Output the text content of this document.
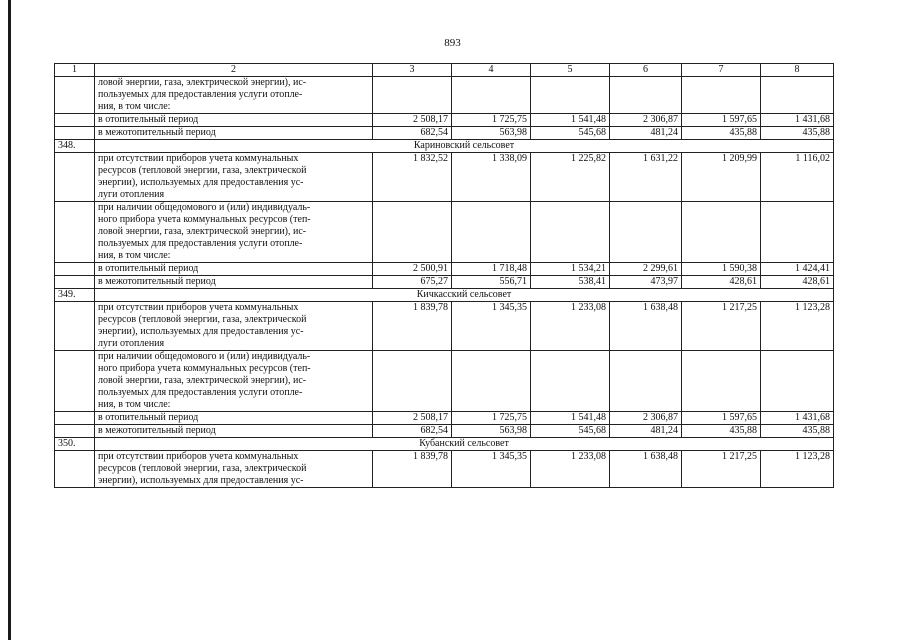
893
1	2	3	4	5	6	7	8

	ловой энергии, газа, электрической энергии), ис-
пользуемых для предоставления услуги отопле-
ния, в том числе:						

	в отопительный период	2 508,17	1 725,75	1 541,48	2 306,87	1 597,65	1 431,68

	в межотопительный период	682,54	563,98	545,68	481,24	435,88	435,88
348.	Кариновский сельсовет						

	при отсутствии приборов учета коммунальных
ресурсов (тепловой энергии, газа, электрической
энергии), используемых для предоставления ус-
луги отопления	1 832,52	1 338,09	1 225,82	1 631,22	1 209,99	1 116,02

	при наличии общедомового и (или) индивидуаль-
ного прибора учета коммунальных ресурсов (теп-
ловой энергии, газа, электрической энергии), ис-
пользуемых для предоставления услуги отопле-
ния, в том числе:						

	в отопительный период	2 500,91	1 718,48	1 534,21	2 299,61	1 590,38	1 424,41

	в межотопительный период	675,27	556,71	538,41	473,97	428,61	428,61
349.	Кичкасский сельсовет						

	при отсутствии приборов учета коммунальных
ресурсов (тепловой энергии, газа, электрической
энергии), используемых для предоставления ус-
луги отопления	1 839,78	1 345,35	1 233,08	1 638,48	1 217,25	1 123,28

	при наличии общедомового и (или) индивидуаль-
ного прибора учета коммунальных ресурсов (теп-
ловой энергии, газа, электрической энергии), ис-
пользуемых для предоставления услуги отопле-
ния, в том числе:						

	в отопительный период	2 508,17	1 725,75	1 541,48	2 306,87	1 597,65	1 431,68

	в межотопительный период	682,54	563,98	545,68	481,24	435,88	435,88
350.	Кубанский сельсовет						

	при отсутствии приборов учета коммунальных
ресурсов (тепловой энергии, газа, электрической
энергии), используемых для предоставления ус-	1 839,78	1 345,35	1 233,08	1 638,48	1 217,25	1 123,28
